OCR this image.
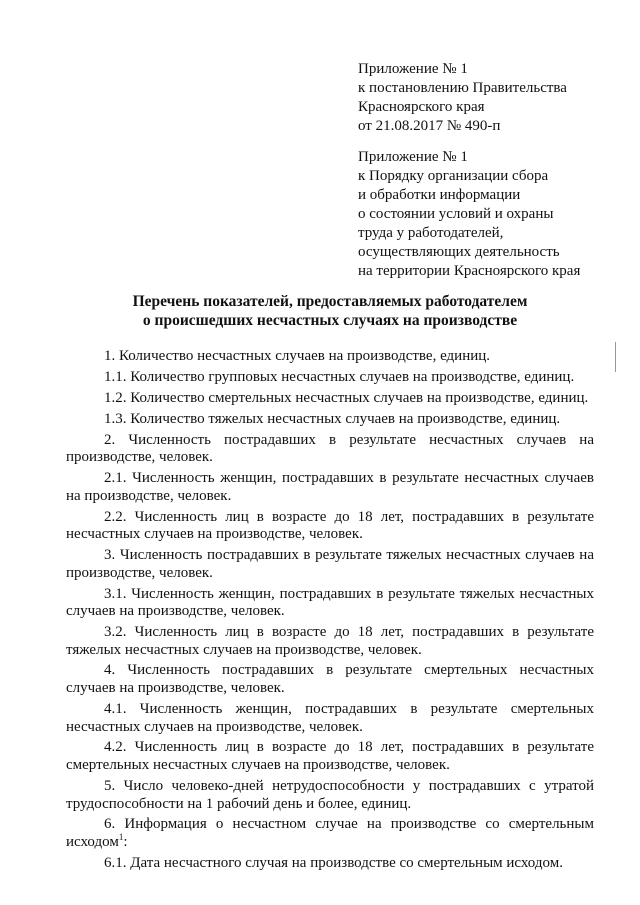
Приложение № 1
к постановлению Правительства
Красноярского края
от 21.08.2017 № 490-п
Приложение № 1
к Порядку организации сбора
и обработки информации
о состоянии условий и охраны
труда у работодателей,
осуществляющих деятельность
на территории Красноярского края
Перечень показателей, предоставляемых работодателем
о происшедших несчастных случаях на производстве

1. Количество несчастных случаев на производстве, единиц.

1.1. Количество групповых несчастных случаев на производстве, единиц.

1.2. Количество смертельных несчастных случаев на производстве, единиц.

1.3. Количество тяжелых несчастных случаев на производстве, единиц.

2. Численность пострадавших в результате несчастных случаев на производстве, человек.

2.1. Численность женщин, пострадавших в результате несчастных случаев на производстве, человек.

2.2. Численность лиц в возрасте до 18 лет, пострадавших в результате несчастных случаев на производстве, человек.

3. Численность пострадавших в результате тяжелых несчастных случаев на производстве, человек.

3.1. Численность женщин, пострадавших в результате тяжелых несчастных случаев на производстве, человек.

3.2. Численность лиц в возрасте до 18 лет, пострадавших в результате тяжелых несчастных случаев на производстве, человек.

4. Численность пострадавших в результате смертельных несчастных случаев на производстве, человек.

4.1. Численность женщин, пострадавших в результате смертельных несчастных случаев на производстве, человек.

4.2. Численность лиц в возрасте до 18 лет, пострадавших в результате смертельных несчастных случаев на производстве, человек.

5. Число человеко-дней нетрудоспособности у пострадавших с утратой трудоспособности на 1 рабочий день и более, единиц.

6. Информация о несчастном случае на производстве со смертельным исходом$^1$:

6.1. Дата несчастного случая на производстве со смертельным исходом.
